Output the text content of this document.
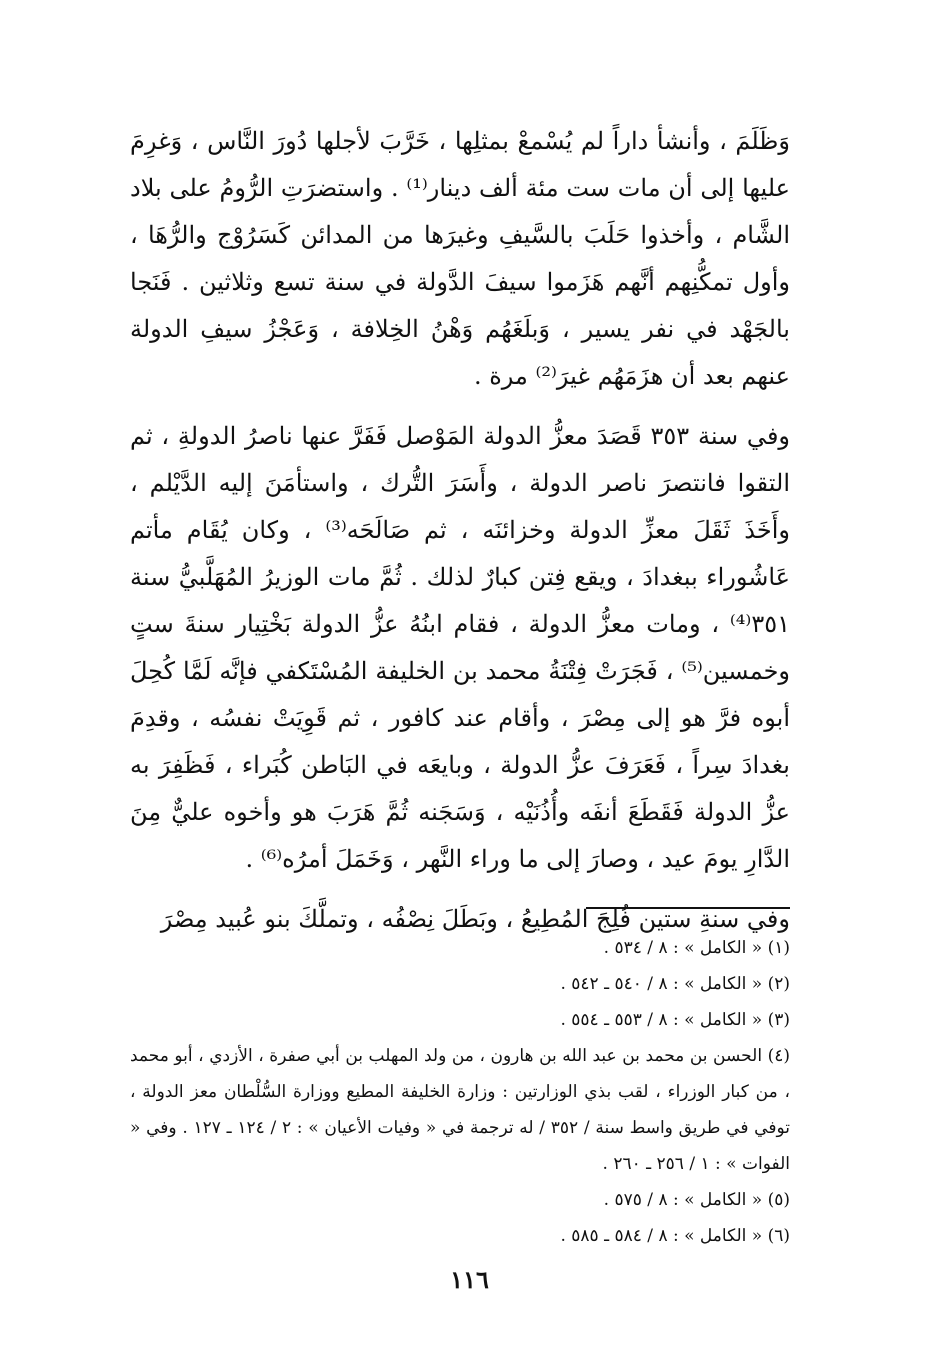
وَظَلَمَ ، وأنشأ داراً لم يُسْمعْ بمثلِها ، خَرَّبَ لأجلها دُورَ النَّاس ، وَغرِمَ عليها إلى أن مات ست مئة ألف دينار⁽¹⁾ . واستضرَتِ الرُّومُ على بلاد الشَّام ، وأخذوا حَلَبَ بالسَّيفِ وغيرَها من المدائن كَسَرُوْج والرُّهَا ، وأول تمكُّنِهم أنَّهم هَزَموا سيفَ الدَّولة في سنة تسع وثلاثين . فَنَجا بالجَهْد في نفر يسير ، وَبلَغَهُم وَهْنُ الخِلافة ، وَعَجْزُ سيفِ الدولة عنهم بعد أن هزَمَهُم غيرَ⁽²⁾ مرة .

وفي سنة ٣٥٣ قَصَدَ معزُّ الدولة المَوْصل فَفَرَّ عنها ناصرُ الدولةِ ، ثم التقوا فانتصرَ ناصر الدولة ، وأَسَرَ التُّرك ، واستأمَنَ إليه الدَّيْلم ، وأَخَذَ ثَقَلَ معزِّ الدولة وخزائنَه ، ثم صَالَحَه⁽³⁾ ، وكان يُقَام مأتم عَاشُوراء ببغدادَ ، ويقع فِتن كبارٌ لذلك . ثُمَّ مات الوزيرُ المُهَلَّبيُّ سنة ٣٥١⁽⁴⁾ ، ومات معزُّ الدولة ، فقام ابنُهُ عزُّ الدولة بَخْتِيار سنةَ ستٍ وخمسين⁽⁵⁾ ، فَجَرَتْ فِتْنَةُ محمد بن الخليفة المُسْتَكفي فإنَّه لَمَّا كُحِلَ أبوه فرَّ هو إلى مِصْرَ ، وأقام عند كافور ، ثم قَوِيَتْ نفسُه ، وقدِمَ بغدادَ سِراً ، فَعَرَفَ عزُّ الدولة ، وبايعَه في البَاطن كُبَراء ، فَظَفِرَ به عزُّ الدولة فَقَطَعَ أنفَه وأُذُنَيْه ، وَسَجَنه ثُمَّ هَرَبَ هو وأخوه عليٌّ مِنَ الدَّارِ يومَ عيد ، وصارَ إلى ما وراء النَّهر ، وَخَمَلَ أمرُه⁽⁶⁾ .

وفي سنةِ ستين فُلِجَ المُطِيعُ ، وبَطَلَ نِصْفُه ، وتملَّكَ بنو عُبيد مِصْرَ

(١) « الكامل » : ٨ / ٥٣٤ .

(٢) « الكامل » : ٨ / ٥٤٠ ـ ٥٤٢ .

(٣) « الكامل » : ٨ / ٥٥٣ ـ ٥٥٤ .

(٤) الحسن بن محمد بن عبد الله بن هارون ، من ولد المهلب بن أبي صفرة ، الأزدي ، أبو محمد ، من كبار الوزراء ، لقب بذي الوزارتين : وزارة الخليفة المطيع ووزارة السُّلْطان معز الدولة ، توفي في طريق واسط سنة / ٣٥٢ / له ترجمة في « وفيات الأعيان » : ٢ / ١٢٤ ـ ١٢٧ . وفي « الفوات » : ١ / ٢٥٦ ـ ٢٦٠ .

(٥) « الكامل » : ٨ / ٥٧٥ .

(٦) « الكامل » : ٨ / ٥٨٤ ـ ٥٨٥ .

١١٦
